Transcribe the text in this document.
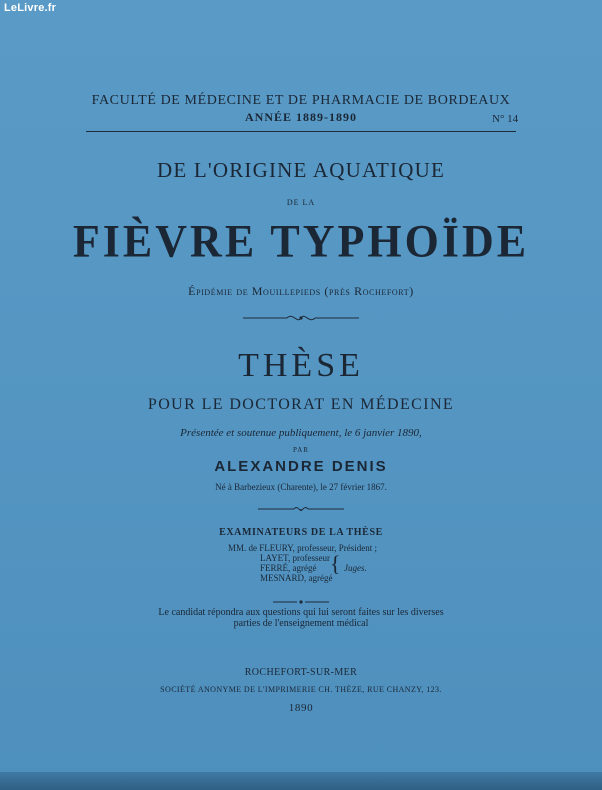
LeLivre.fr
FACULTÉ DE MÉDECINE ET DE PHARMACIE DE BORDEAUX
ANNÉE 1889-1890	N° 14
DE L'ORIGINE AQUATIQUE
DE LA
FIÈVRE TYPHOÏDE
Épidémie de Mouillepieds (près Rochefort)
THÈSE
POUR LE DOCTORAT EN MÉDECINE
Présentée et soutenue publiquement, le 6 janvier 1890,
PAR
ALEXANDRE DENIS
Né à Barbezieux (Charente), le 27 février 1867.
EXAMINATEURS DE LA THÈSE
MM. de FLEURY, professeur, Président ;
LAYET, professeur
FERRÉ, agrégé
MESNARD, agrégé
{ Juges.
Le candidat répondra aux questions qui lui seront faites sur les diverses
parties de l'enseignement médical
ROCHEFORT-SUR-MER
SOCIÉTÉ ANONYME DE L'IMPRIMERIE CH. THÈZE, RUE CHANZY, 123.
1890
